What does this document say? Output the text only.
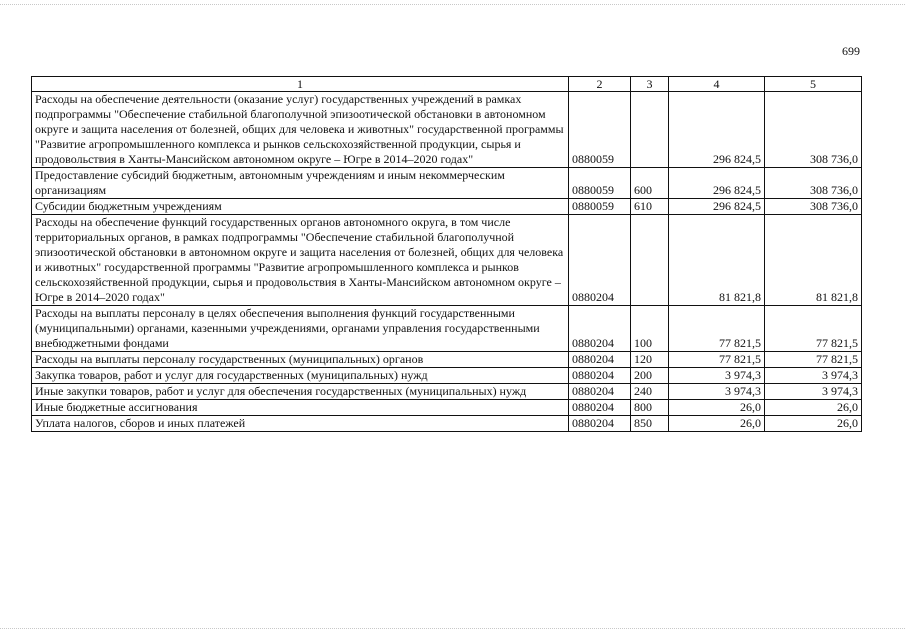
699
1	2	3	4	5
Расходы на обеспечение деятельности (оказание услуг) государственных учреждений в рамках подпрограммы "Обеспечение стабильной благополучной эпизоотической обстановки в автономном округе и защита населения от болезней, общих для человека и животных" государственной программы "Развитие агропромышленного комплекса и рынков сельскохозяйственной продукции, сырья и продовольствия в Ханты-Мансийском автономном округе – Югре в 2014–2020 годах"	0880059		296 824,5	308 736,0
Предоставление субсидий бюджетным, автономным учреждениям и иным некоммерческим организациям	0880059	600	296 824,5	308 736,0
Субсидии бюджетным учреждениям	0880059	610	296 824,5	308 736,0
Расходы на обеспечение функций государственных органов автономного округа, в том числе территориальных органов, в рамках подпрограммы "Обеспечение стабильной благополучной эпизоотической обстановки в автономном округе и защита населения от болезней, общих для человека и животных" государственной программы "Развитие агропромышленного комплекса и рынков сельскохозяйственной продукции, сырья и продовольствия в Ханты-Мансийском автономном округе – Югре в 2014–2020 годах"	0880204		81 821,8	81 821,8
Расходы на выплаты персоналу в целях обеспечения выполнения функций государственными (муниципальными) органами, казенными учреждениями, органами управления государственными внебюджетными фондами	0880204	100	77 821,5	77 821,5
Расходы на выплаты персоналу государственных (муниципальных) органов	0880204	120	77 821,5	77 821,5
Закупка товаров, работ и услуг для государственных (муниципальных) нужд	0880204	200	3 974,3	3 974,3
Иные закупки товаров, работ и услуг для обеспечения государственных (муниципальных) нужд	0880204	240	3 974,3	3 974,3
Иные бюджетные ассигнования	0880204	800	26,0	26,0
Уплата налогов, сборов и иных платежей	0880204	850	26,0	26,0
